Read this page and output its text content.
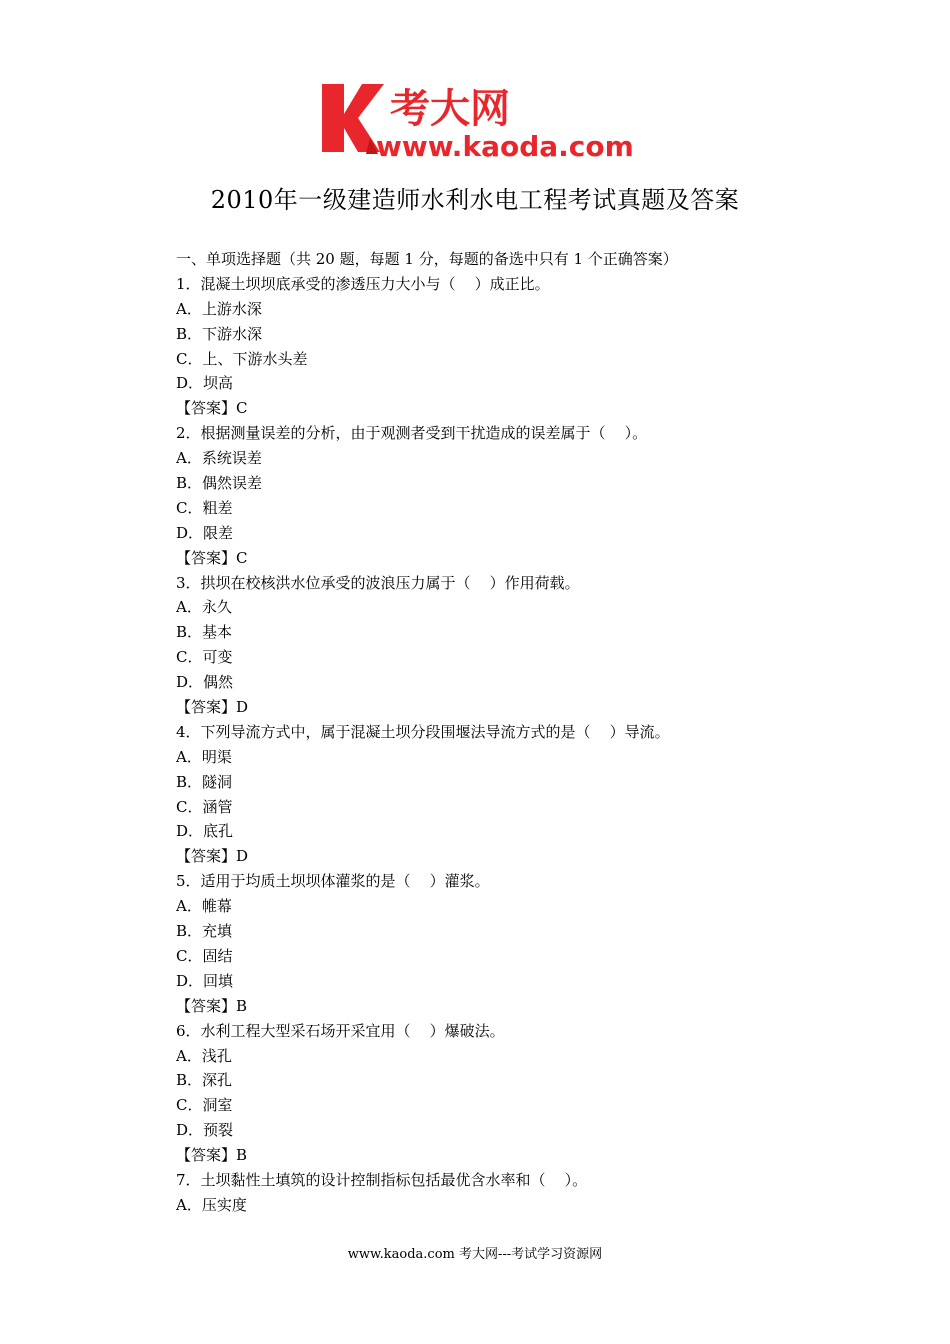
考大网
www.kaoda.com
2010年一级建造师水利水电工程考试真题及答案
一、单项选择题（共 20 题，每题 1 分，每题的备选中只有 1 个正确答案）
1．混凝土坝坝底承受的渗透压力大小与（    ）成正比。
A．上游水深
B．下游水深
C．上、下游水头差
D．坝高
【答案】C
2．根据测量误差的分析，由于观测者受到干扰造成的误差属于（    ）。
A．系统误差
B．偶然误差
C．粗差
D．限差
【答案】C
3．拱坝在校核洪水位承受的波浪压力属于（    ）作用荷载。
A．永久
B．基本
C．可变
D．偶然
【答案】D
4．下列导流方式中，属于混凝土坝分段围堰法导流方式的是（    ）导流。
A．明渠
B．隧洞
C．涵管
D．底孔
【答案】D
5．适用于均质土坝坝体灌浆的是（    ）灌浆。
A．帷幕
B．充填
C．固结
D．回填
【答案】B
6．水利工程大型采石场开采宜用（    ）爆破法。
A．浅孔
B．深孔
C．洞室
D．预裂
【答案】B
7．土坝黏性土填筑的设计控制指标包括最优含水率和（    ）。
A．压实度
www.kaoda.com 考大网---考试学习资源网
